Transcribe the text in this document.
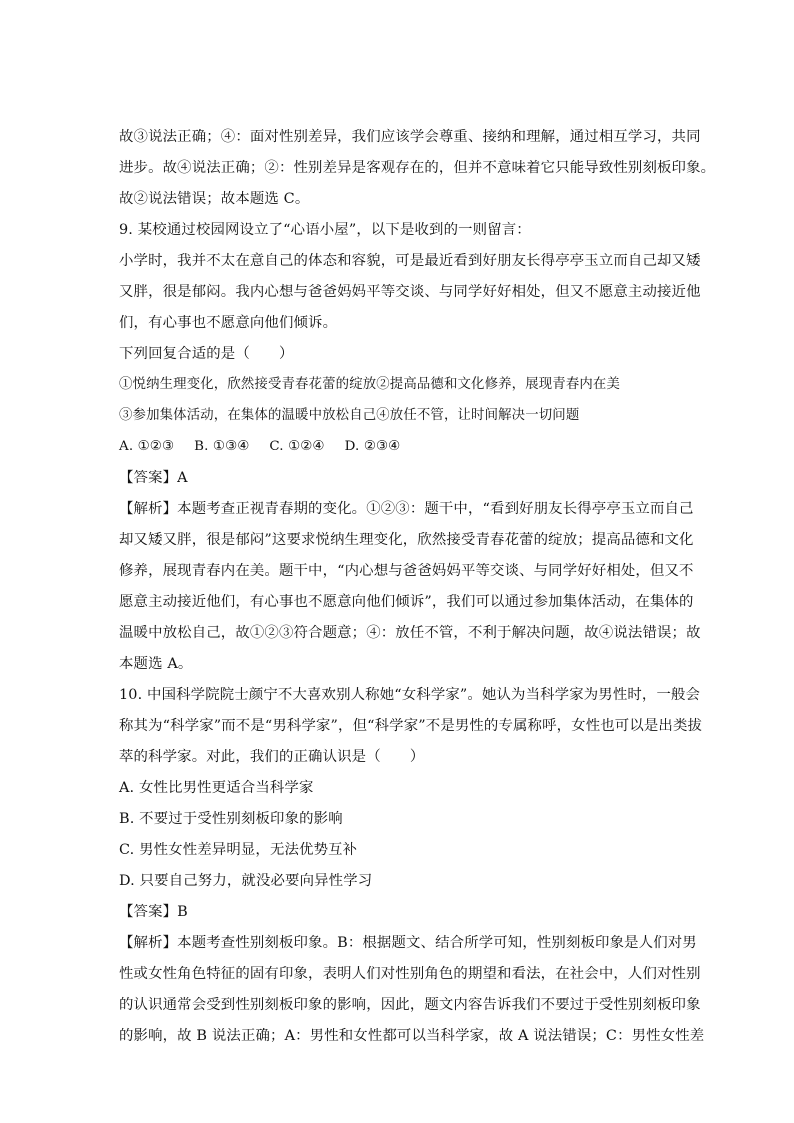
故③说法正确；④：面对性别差异，我们应该学会尊重、接纳和理解，通过相互学习，共同
进步。故④说法正确；②：性别差异是客观存在的，但并不意味着它只能导致性别刻板印象。
故②说法错误；故本题选 C。
9. 某校通过校园网设立了“心语小屋”，以下是收到的一则留言：
小学时，我并不太在意自己的体态和容貌，可是最近看到好朋友长得亭亭玉立而自己却又矮
又胖，很是郁闷。我内心想与爸爸妈妈平等交谈、与同学好好相处，但又不愿意主动接近他
们，有心事也不愿意向他们倾诉。
下列回复合适的是（　　）
①悦纳生理变化，欣然接受青春花蕾的绽放②提高品德和文化修养，展现青春内在美
③参加集体活动，在集体的温暖中放松自己④放任不管，让时间解决一切问题
A. ①②③ B. ①③④ C. ①②④ D. ②③④
【答案】A
【解析】本题考查正视青春期的变化。①②③：题干中，“看到好朋友长得亭亭玉立而自己
却又矮又胖，很是郁闷”这要求悦纳生理变化，欣然接受青春花蕾的绽放；提高品德和文化
修养，展现青春内在美。题干中，“内心想与爸爸妈妈平等交谈、与同学好好相处，但又不
愿意主动接近他们，有心事也不愿意向他们倾诉”，我们可以通过参加集体活动，在集体的
温暖中放松自己，故①②③符合题意；④：放任不管，不利于解决问题，故④说法错误；故
本题选 A。
10. 中国科学院院士颜宁不大喜欢别人称她“女科学家”。她认为当科学家为男性时，一般会
称其为“科学家”而不是“男科学家”，但“科学家”不是男性的专属称呼，女性也可以是出类拔
萃的科学家。对此，我们的正确认识是（　　）
A. 女性比男性更适合当科学家
B. 不要过于受性别刻板印象的影响
C. 男性女性差异明显，无法优势互补
D. 只要自己努力，就没必要向异性学习
【答案】B
【解析】本题考查性别刻板印象。B：根据题文、结合所学可知，性别刻板印象是人们对男
性或女性角色特征的固有印象，表明人们对性别角色的期望和看法，在社会中，人们对性别
的认识通常会受到性别刻板印象的影响，因此，题文内容告诉我们不要过于受性别刻板印象
的影响，故 B 说法正确；A：男性和女性都可以当科学家，故 A 说法错误；C：男性女性差
